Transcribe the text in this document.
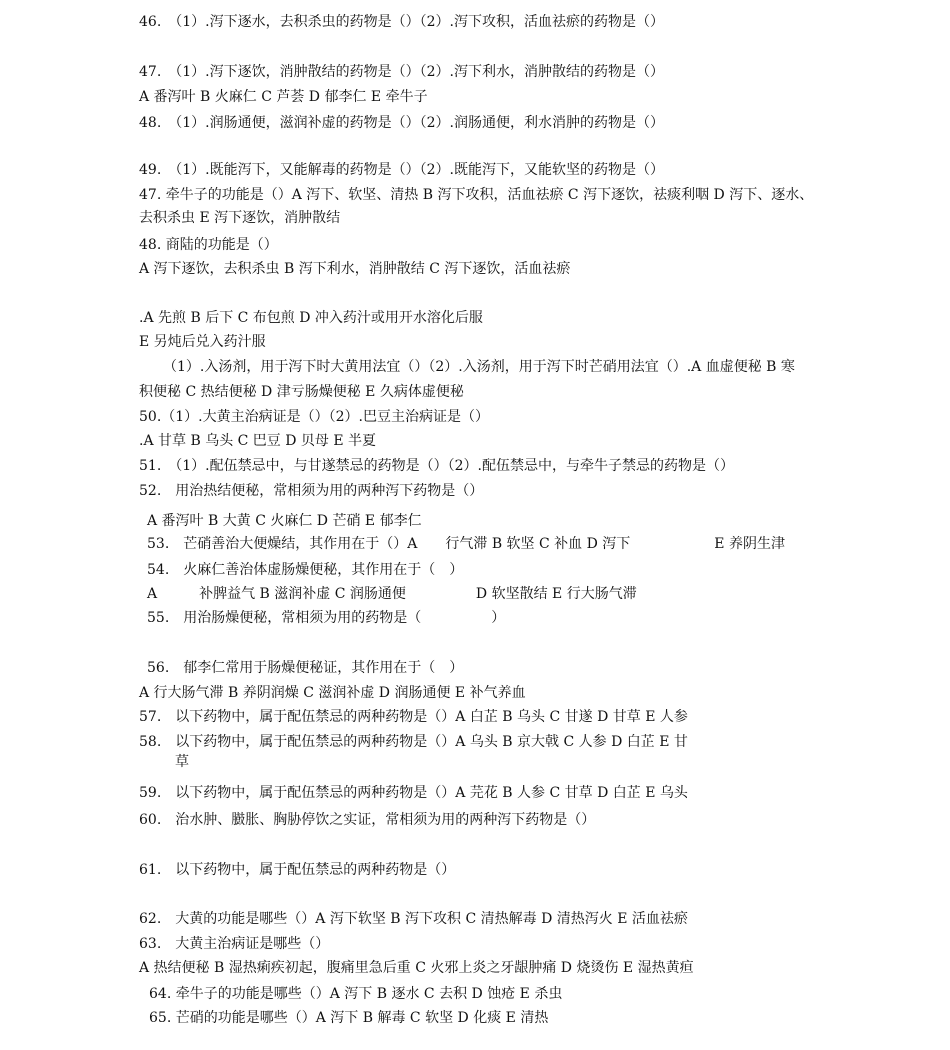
46.　（1）.泻下逐水，去积杀虫的药物是（）（2）.泻下攻积，活血祛瘀的药物是（）
47.　（1）.泻下逐饮，消肿散结的药物是（）（2）.泻下利水，消肿散结的药物是（）
A 番泻叶 B 火麻仁 C 芦荟 D 郁李仁 E 牵牛子
48.　（1）.润肠通便，滋润补虚的药物是（）（2）.润肠通便，利水消肿的药物是（）
49.　（1）.既能泻下，又能解毒的药物是（）（2）.既能泻下，又能软坚的药物是（）
47. 牵牛子的功能是（）A 泻下、软坚、清热 B 泻下攻积，活血祛瘀 C 泻下逐饮，祛痰利咽 D 泻下、逐水、
去积杀虫 E 泻下逐饮，消肿散结
48. 商陆的功能是（）
A 泻下逐饮，去积杀虫 B 泻下利水，消肿散结 C 泻下逐饮，活血祛瘀
.A 先煎 B 后下 C 布包煎 D 冲入药汁或用开水溶化后服
E 另炖后兑入药汁服
（1）.入汤剂，用于泻下时大黄用法宜（）（2）.入汤剂，用于泻下时芒硝用法宜（）.A 血虚便秘 B 寒
积便秘 C 热结便秘 D 津亏肠燥便秘 E 久病体虚便秘
50.（1）.大黄主治病证是（）（2）.巴豆主治病证是（）
.A 甘草 B 乌头 C 巴豆 D 贝母 E 半夏
51.　（1）.配伍禁忌中，与甘遂禁忌的药物是（）（2）.配伍禁忌中，与牵牛子禁忌的药物是（）
52.　用治热结便秘，常相须为用的两种泻下药物是（）
A 番泻叶 B 大黄 C 火麻仁 D 芒硝 E 郁李仁
53.　芒硝善治大便燥结，其作用在于（）A　　行气滞 B 软坚 C 补血 D 泻下　　　　　　E 养阴生津
54.　火麻仁善治体虚肠燥便秘，其作用在于（　）
A　　　补脾益气 B 滋润补虚 C 润肠通便　　　　　D 软坚散结 E 行大肠气滞
55.　用治肠燥便秘，常相须为用的药物是（　　　　　）
56.　郁李仁常用于肠燥便秘证，其作用在于（　）
A 行大肠气滞 B 养阴润燥 C 滋润补虚 D 润肠通便 E 补气养血
57.　以下药物中，属于配伍禁忌的两种药物是（）A 白芷 B 乌头 C 甘遂 D 甘草 E 人参
58.　以下药物中，属于配伍禁忌的两种药物是（）A 乌头 B 京大戟 C 人参 D 白芷 E 甘
草
59.　以下药物中，属于配伍禁忌的两种药物是（）A 芫花 B 人参 C 甘草 D 白芷 E 乌头
60.　治水肿、臌胀、胸胁停饮之实证，常相须为用的两种泻下药物是（）
61.　以下药物中，属于配伍禁忌的两种药物是（）
62.　大黄的功能是哪些（）A 泻下软坚 B 泻下攻积 C 清热解毒 D 清热泻火 E 活血祛瘀
63.　大黄主治病证是哪些（）
A 热结便秘 B 湿热痢疾初起，腹痛里急后重 C 火邪上炎之牙龈肿痛 D 烧烫伤 E 湿热黄疸
64. 牵牛子的功能是哪些（）A 泻下 B 逐水 C 去积 D 蚀疮 E 杀虫
65. 芒硝的功能是哪些（）A 泻下 B 解毒 C 软坚 D 化痰 E 清热
